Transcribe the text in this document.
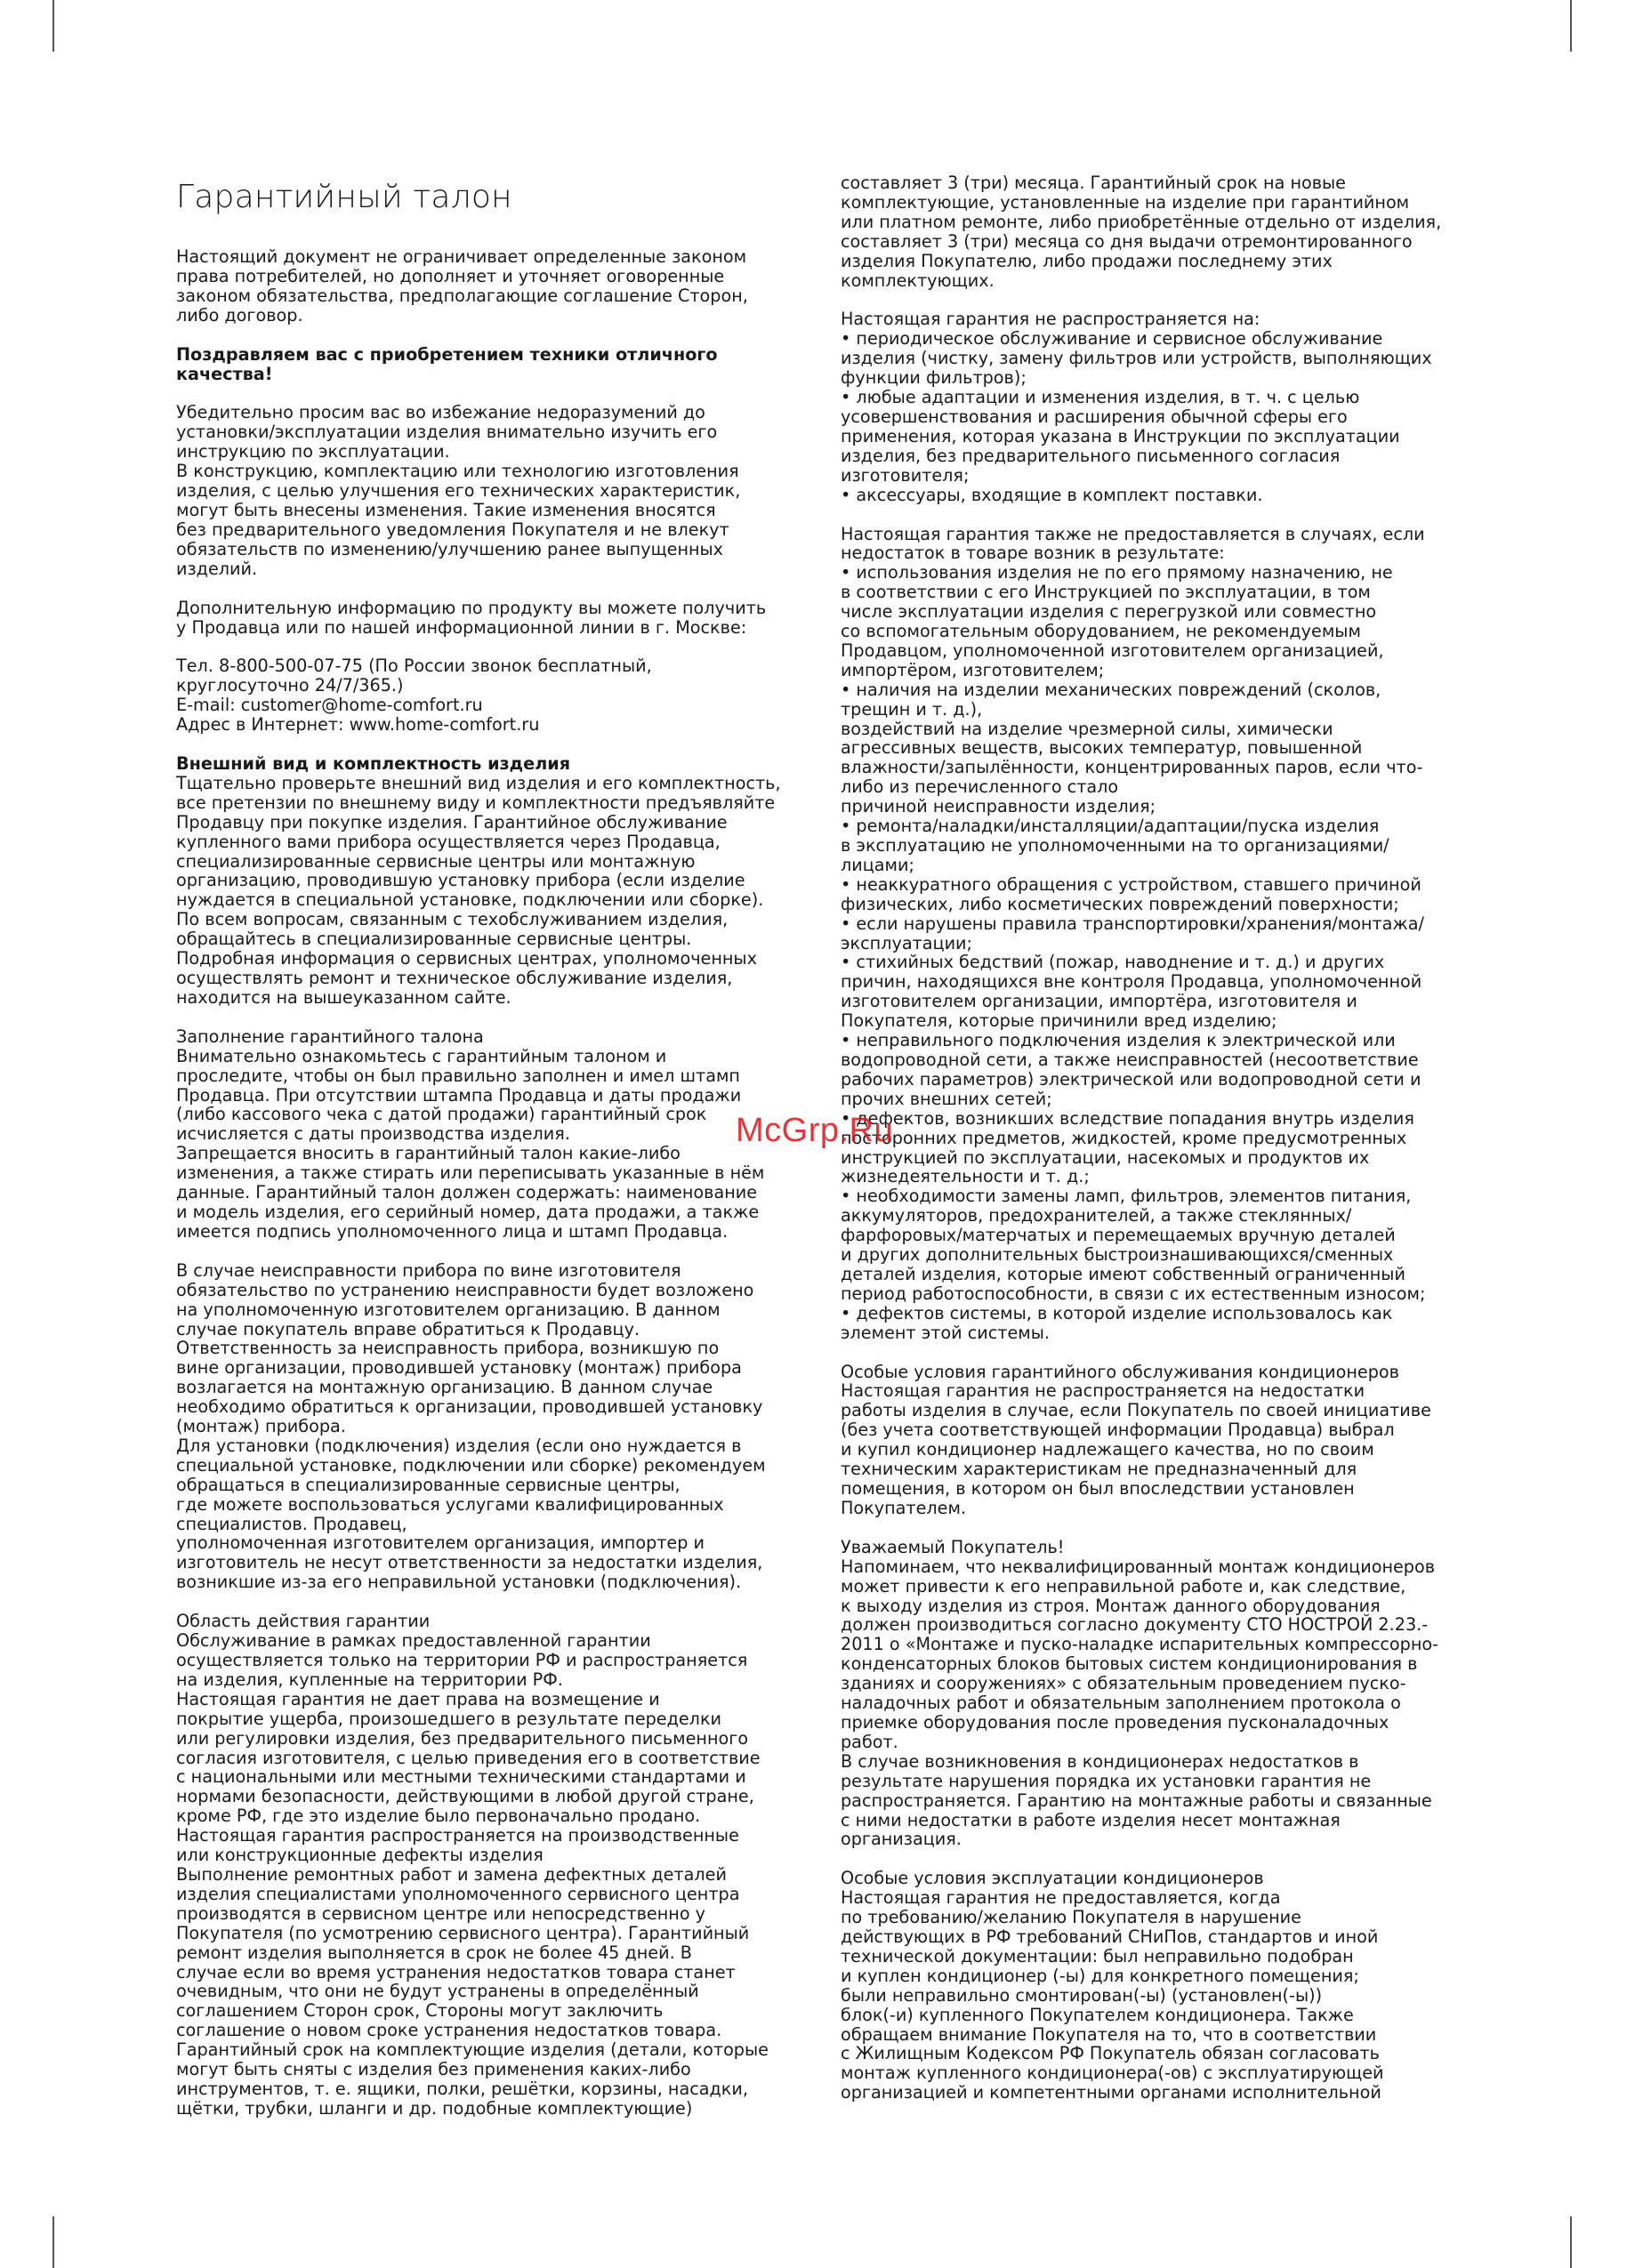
Гарантийный талон
Настоящий документ не ограничивает определенные законом
права потребителей, но дополняет и уточняет оговоренные
законом обязательства, предполагающие соглашение Сторон,
либо договор.
Поздравляем вас с приобретением техники отличного
качества!
Убедительно просим вас во избежание недоразумений до
установки/эксплуатации изделия внимательно изучить его
инструкцию по эксплуатации.
В конструкцию, комплектацию или технологию изготовления
изделия, с целью улучшения его технических характеристик,
могут быть внесены изменения. Такие изменения вносятся
без предварительного уведомления Покупателя и не влекут
обязательств по изменению/улучшению ранее выпущенных
изделий.
Дополнительную информацию по продукту вы можете получить
у Продавца или по нашей информационной линии в г. Москве:
Тел. 8-800-500-07-75 (По России звонок бесплатный,
круглосуточно 24/7/365.)
E-mail: customer@home-comfort.ru
Адрес в Интернет: www.home-comfort.ru
Внешний вид и комплектность изделия
Тщательно проверьте внешний вид изделия и его комплектность,
все претензии по внешнему виду и комплектности предъявляйте
Продавцу при покупке изделия. Гарантийное обслуживание
купленного вами прибора осуществляется через Продавца,
специализированные сервисные центры или монтажную
организацию, проводившую установку прибора (если изделие
нуждается в специальной установке, подключении или сборке).
По всем вопросам, связанным с техобслуживанием изделия,
обращайтесь в специализированные сервисные центры.
Подробная информация о сервисных центрах, уполномоченных
осуществлять ремонт и техническое обслуживание изделия,
находится на вышеуказанном сайте.
Заполнение гарантийного талона
Внимательно ознакомьтесь с гарантийным талоном и
проследите, чтобы он был правильно заполнен и имел штамп
Продавца. При отсутствии штампа Продавца и даты продажи
(либо кассового чека с датой продажи) гарантийный срок
исчисляется с даты производства изделия.
Запрещается вносить в гарантийный талон какие-либо
изменения, а также стирать или переписывать указанные в нём
данные. Гарантийный талон должен содержать: наименование
и модель изделия, его серийный номер, дата продажи, а также
имеется подпись уполномоченного лица и штамп Продавца.
В случае неисправности прибора по вине изготовителя
обязательство по устранению неисправности будет возложено
на уполномоченную изготовителем организацию. В данном
случае покупатель вправе обратиться к Продавцу.
Ответственность за неисправность прибора, возникшую по
вине организации, проводившей установку (монтаж) прибора
возлагается на монтажную организацию. В данном случае
необходимо обратиться к организации, проводившей установку
(монтаж) прибора.
Для установки (подключения) изделия (если оно нуждается в
специальной установке, подключении или сборке) рекомендуем
обращаться в специализированные сервисные центры,
где можете воспользоваться услугами квалифицированных
специалистов. Продавец,
уполномоченная изготовителем организация, импортер и
изготовитель не несут ответственности за недостатки изделия,
возникшие из-за его неправильной установки (подключения).
Область действия гарантии
Обслуживание в рамках предоставленной гарантии
осуществляется только на территории РФ и распространяется
на изделия, купленные на территории РФ.
Настоящая гарантия не дает права на возмещение и
покрытие ущерба, произошедшего в результате переделки
или регулировки изделия, без предварительного письменного
согласия изготовителя, с целью приведения его в соответствие
с национальными или местными техническими стандартами и
нормами безопасности, действующими в любой другой стране,
кроме РФ, где это изделие было первоначально продано.
Настоящая гарантия распространяется на производственные
или конструкционные дефекты изделия
Выполнение ремонтных работ и замена дефектных деталей
изделия специалистами уполномоченного сервисного центра
производятся в сервисном центре или непосредственно у
Покупателя (по усмотрению сервисного центра). Гарантийный
ремонт изделия выполняется в срок не более 45 дней. В
случае если во время устранения недостатков товара станет
очевидным, что они не будут устранены в определённый
соглашением Сторон срок, Стороны могут заключить
соглашение о новом сроке устранения недостатков товара.
Гарантийный срок на комплектующие изделия (детали, которые
могут быть сняты с изделия без применения каких-либо
инструментов, т. е. ящики, полки, решётки, корзины, насадки,
щётки, трубки, шланги и др. подобные комплектующие)
составляет 3 (три) месяца. Гарантийный срок на новые
комплектующие, установленные на изделие при гарантийном
или платном ремонте, либо приобретённые отдельно от изделия,
составляет 3 (три) месяца со дня выдачи отремонтированного
изделия Покупателю, либо продажи последнему этих
комплектующих.
Настоящая гарантия не распространяется на:
• периодическое обслуживание и сервисное обслуживание
изделия (чистку, замену фильтров или устройств, выполняющих
функции фильтров);
• любые адаптации и изменения изделия, в т. ч. с целью
усовершенствования и расширения обычной сферы его
применения, которая указана в Инструкции по эксплуатации
изделия, без предварительного письменного согласия
изготовителя;
• аксессуары, входящие в комплект поставки.
Настоящая гарантия также не предоставляется в случаях, если
недостаток в товаре возник в результате:
• использования изделия не по его прямому назначению, не
в соответствии с его Инструкцией по эксплуатации, в том
числе эксплуатации изделия с перегрузкой или совместно
со вспомогательным оборудованием, не рекомендуемым
Продавцом, уполномоченной изготовителем организацией,
импортёром, изготовителем;
• наличия на изделии механических повреждений (сколов,
трещин и т. д.),
воздействий на изделие чрезмерной силы, химически
агрессивных веществ, высоких температур, повышенной
влажности/запылённости, концентрированных паров, если что-
либо из перечисленного стало
причиной неисправности изделия;
• ремонта/наладки/инсталляции/адаптации/пуска изделия
в эксплуатацию не уполномоченными на то организациями/
лицами;
• неаккуратного обращения с устройством, ставшего причиной
физических, либо косметических повреждений поверхности;
• если нарушены правила транспортировки/хранения/монтажа/
эксплуатации;
• стихийных бедствий (пожар, наводнение и т. д.) и других
причин, находящихся вне контроля Продавца, уполномоченной
изготовителем организации, импортёра, изготовителя и
Покупателя, которые причинили вред изделию;
• неправильного подключения изделия к электрической или
водопроводной сети, а также неисправностей (несоответствие
рабочих параметров) электрической или водопроводной сети и
прочих внешних сетей;
• дефектов, возникших вследствие попадания внутрь изделия
посторонних предметов, жидкостей, кроме предусмотренных
инструкцией по эксплуатации, насекомых и продуктов их
жизнедеятельности и т. д.;
• необходимости замены ламп, фильтров, элементов питания,
аккумуляторов, предохранителей, а также стеклянных/
фарфоровых/матерчатых и перемещаемых вручную деталей
и других дополнительных быстроизнашивающихся/сменных
деталей изделия, которые имеют собственный ограниченный
период работоспособности, в связи с их естественным износом;
• дефектов системы, в которой изделие использовалось как
элемент этой системы.
Особые условия гарантийного обслуживания кондиционеров
Настоящая гарантия не распространяется на недостатки
работы изделия в случае, если Покупатель по своей инициативе
(без учета соответствующей информации Продавца) выбрал
и купил кондиционер надлежащего качества, но по своим
техническим характеристикам не предназначенный для
помещения, в котором он был впоследствии установлен
Покупателем.
Уважаемый Покупатель!
Напоминаем, что неквалифицированный монтаж кондиционеров
может привести к его неправильной работе и, как следствие,
к выходу изделия из строя. Монтаж данного оборудования
должен производиться согласно документу СТО НОСТРОЙ 2.23.-
2011 о «Монтаже и пуско-наладке испарительных компрессорно-
конденсаторных блоков бытовых систем кондиционирования в
зданиях и сооружениях» с обязательным проведением пуско-
наладочных работ и обязательным заполнением протокола о
приемке оборудования после проведения пусконаладочных
работ.
В случае возникновения в кондиционерах недостатков в
результате нарушения порядка их установки гарантия не
распространяется. Гарантию на монтажные работы и связанные
с ними недостатки в работе изделия несет монтажная
организация.
Особые условия эксплуатации кондиционеров
Настоящая гарантия не предоставляется, когда
по требованию/желанию Покупателя в нарушение
действующих в РФ требований СНиПов, стандартов и иной
технической документации: был неправильно подобран
и куплен кондиционер (-ы) для конкретного помещения;
были неправильно смонтирован(-ы) (установлен(-ы))
блок(-и) купленного Покупателем кондиционера. Также
обращаем внимание Покупателя на то, что в соответствии
с Жилищным Кодексом РФ Покупатель обязан согласовать
монтаж купленного кондиционера(-ов) с эксплуатирующей
организацией и компетентными органами исполнительной
McGrp.Ru
